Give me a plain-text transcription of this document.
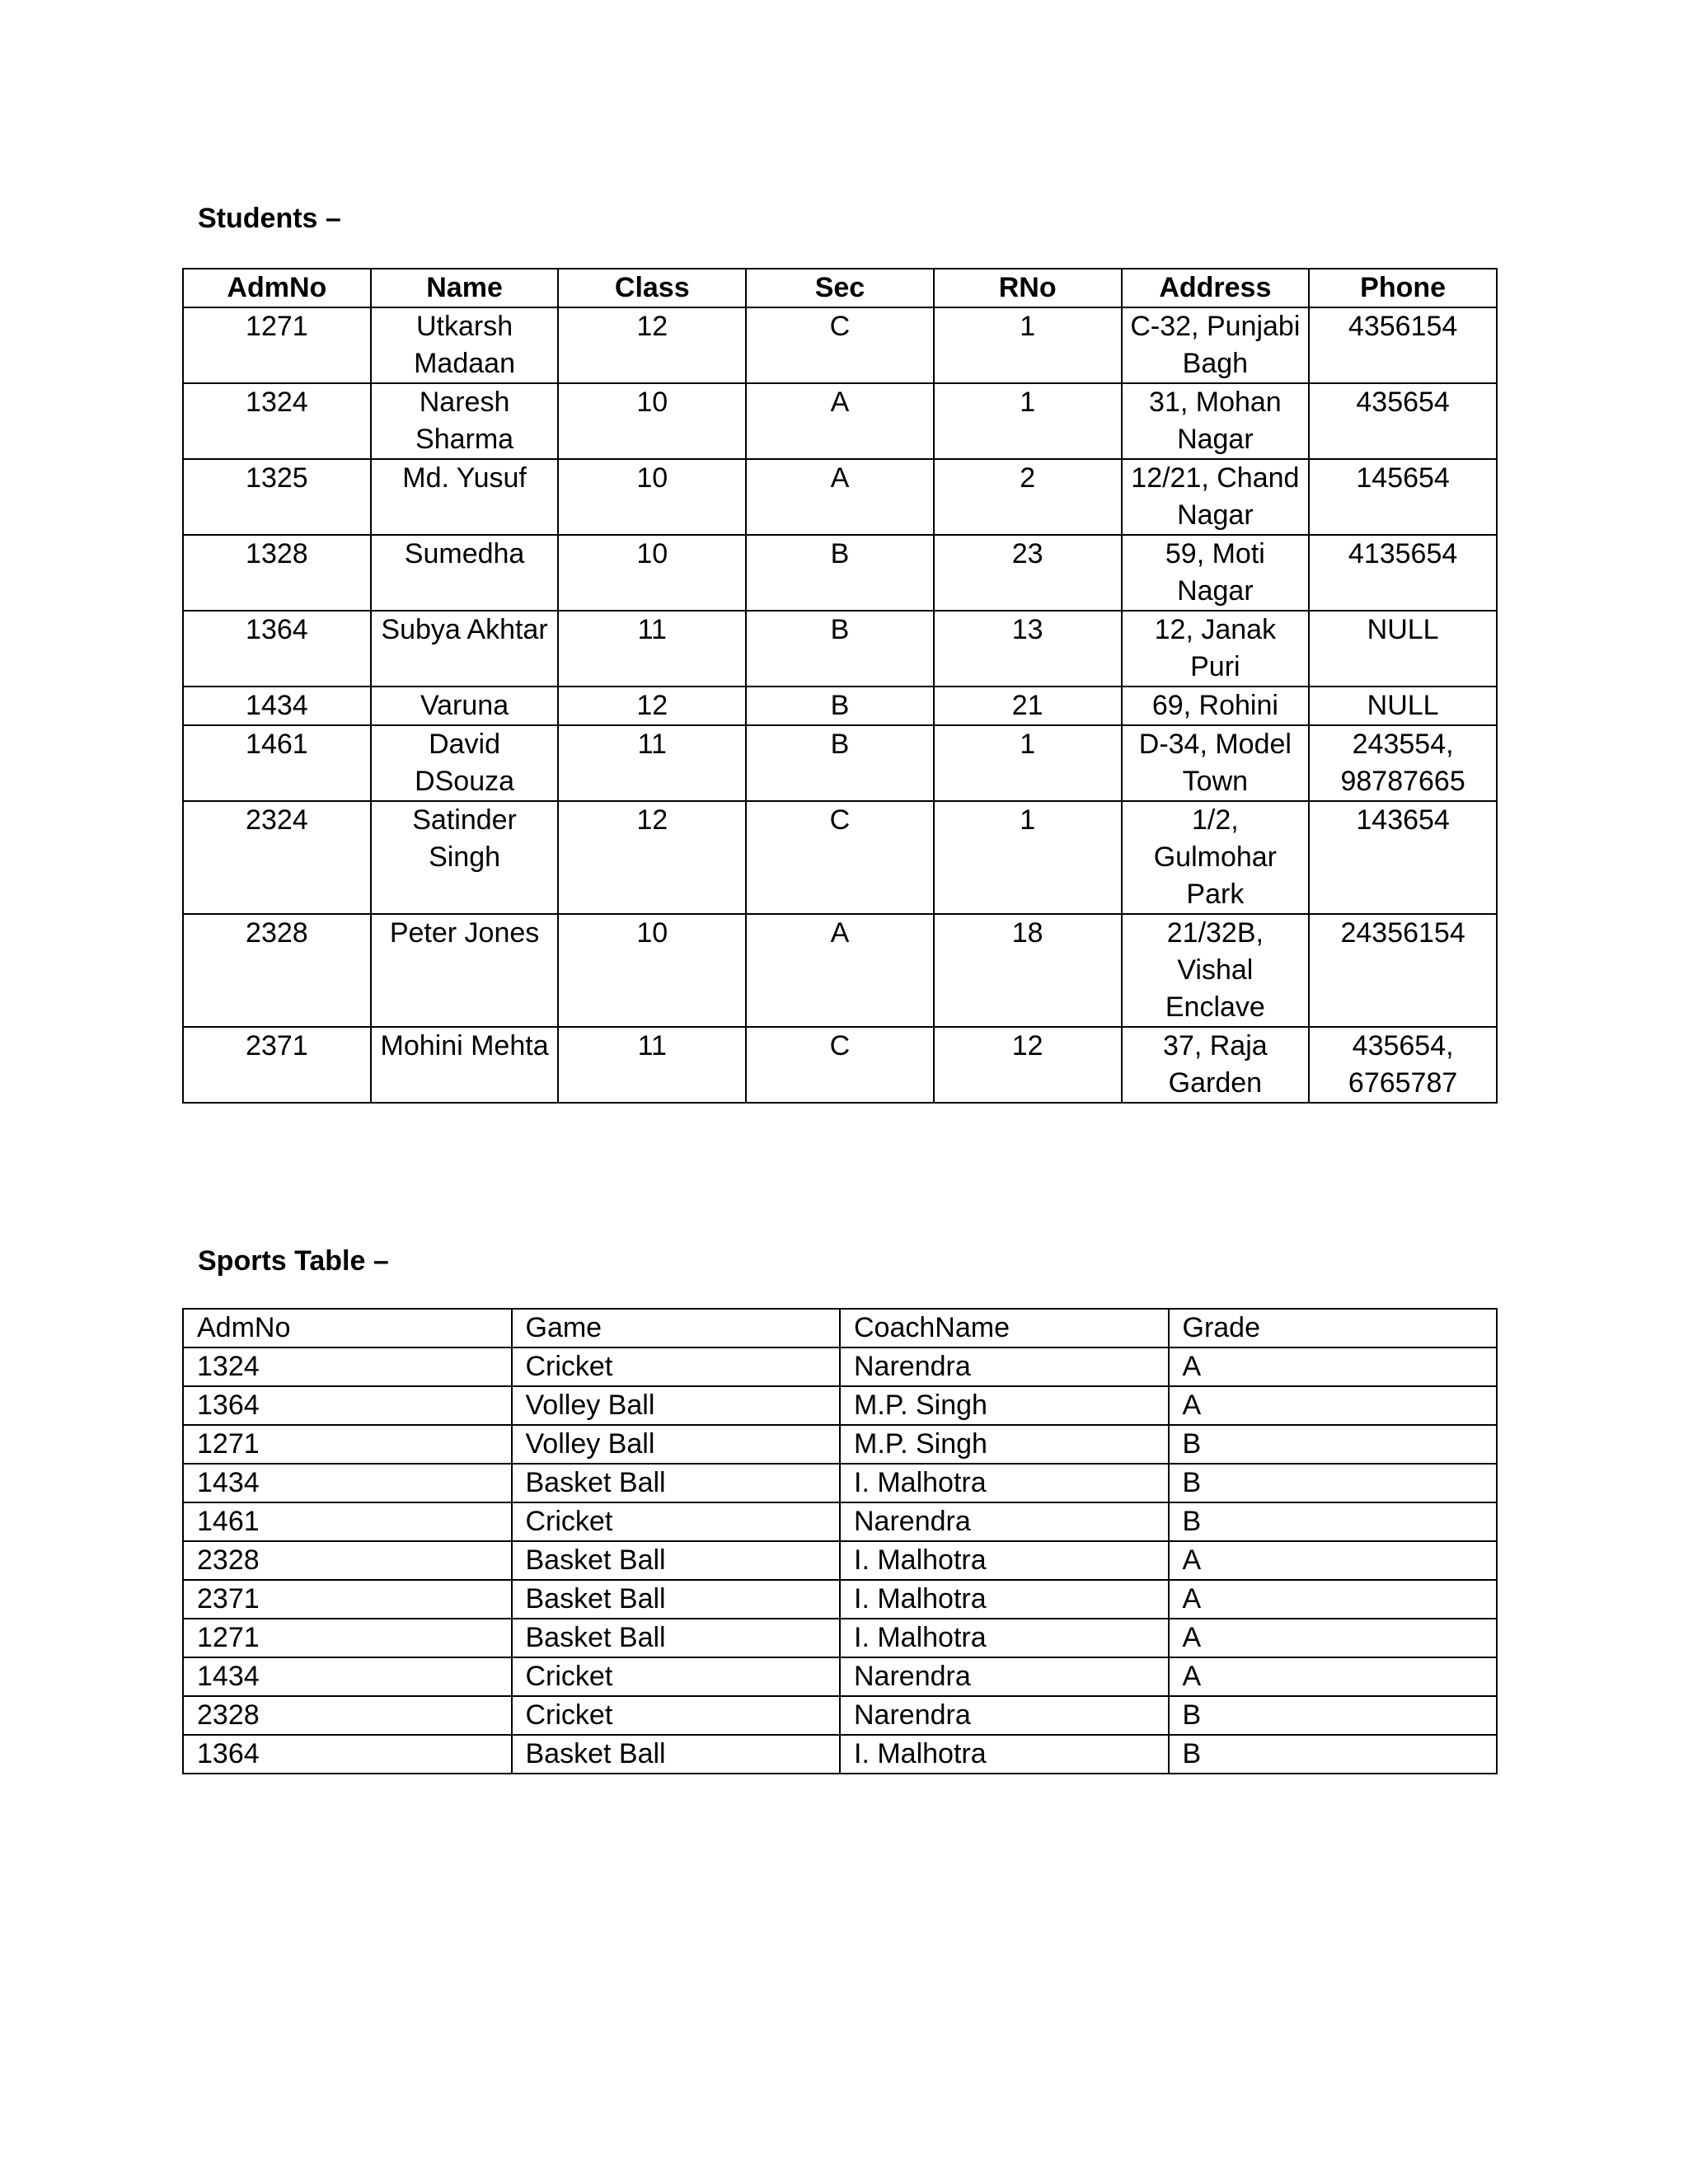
Students –
AdmNo	Name	Class	Sec	RNo	Address	Phone
1271	Utkarsh Madaan	12	C	1	C-32, Punjabi Bagh	4356154
1324	Naresh Sharma	10	A	1	31, Mohan Nagar	435654
1325	Md. Yusuf	10	A	2	12/21, Chand Nagar	145654
1328	Sumedha	10	B	23	59, Moti Nagar	4135654
1364	Subya Akhtar	11	B	13	12, Janak Puri	NULL
1434	Varuna	12	B	21	69, Rohini	NULL
1461	David DSouza	11	B	1	D-34, Model Town	243554, 98787665
2324	Satinder Singh	12	C	1	1/2, Gulmohar Park	143654
2328	Peter Jones	10	A	18	21/32B, Vishal Enclave	24356154
2371	Mohini Mehta	11	C	12	37, Raja Garden	435654, 6765787
Sports Table –
AdmNo	Game	CoachName	Grade
1324	Cricket	Narendra	A
1364	Volley Ball	M.P. Singh	A
1271	Volley Ball	M.P. Singh	B
1434	Basket Ball	I. Malhotra	B
1461	Cricket	Narendra	B
2328	Basket Ball	I. Malhotra	A
2371	Basket Ball	I. Malhotra	A
1271	Basket Ball	I. Malhotra	A
1434	Cricket	Narendra	A
2328	Cricket	Narendra	B
1364	Basket Ball	I. Malhotra	B
